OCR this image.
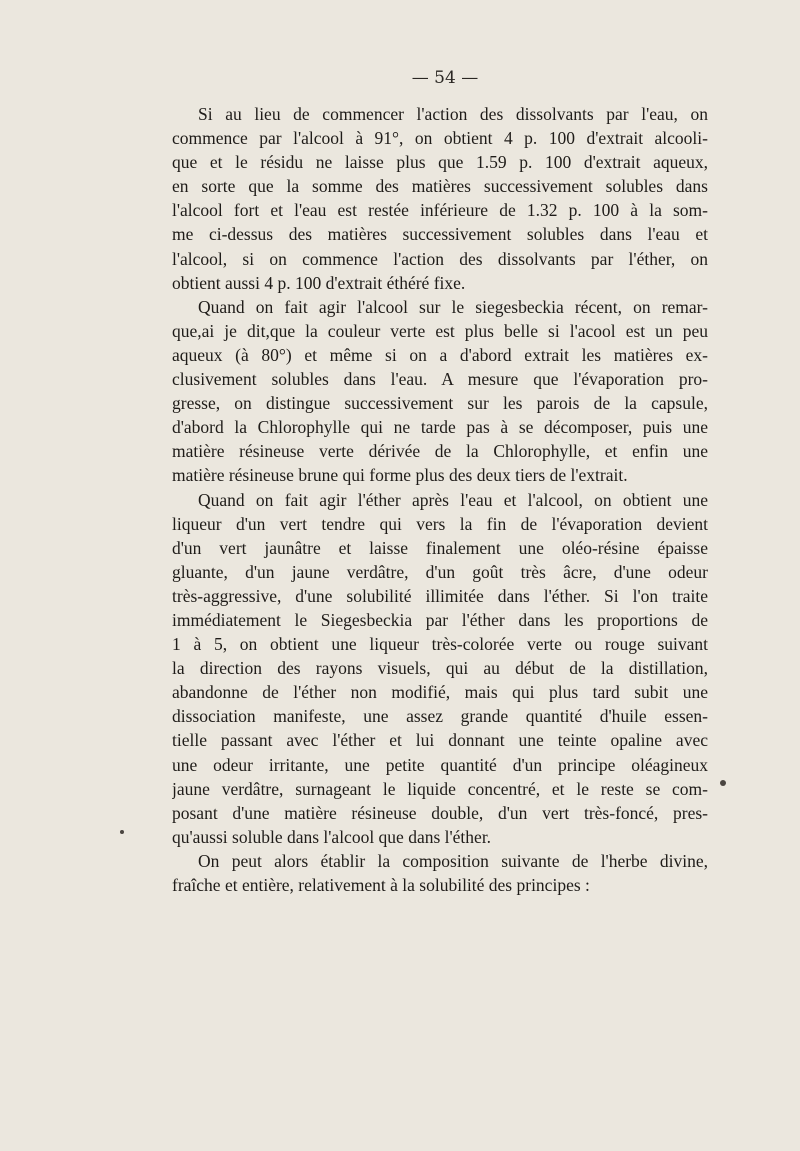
— 54 —
Si au lieu de commencer l'action des dissolvants par l'eau, on
commence par l'alcool à 91°, on obtient 4 p. 100 d'extrait alcooli-
que et le résidu ne laisse plus que 1.59 p. 100 d'extrait aqueux,
en sorte que la somme des matières successivement solubles dans
l'alcool fort et l'eau est restée inférieure de 1.32 p. 100 à la som-
me ci-dessus des matières successivement solubles dans l'eau et
l'alcool, si on commence l'action des dissolvants par l'éther, on
obtient aussi 4 p. 100 d'extrait éthéré fixe.
Quand on fait agir l'alcool sur le siegesbeckia récent, on remar-
que,ai je dit,que la couleur verte est plus belle si l'acool est un peu
aqueux (à 80°) et même si on a d'abord extrait les matières ex-
clusivement solubles dans l'eau. A mesure que l'évaporation pro-
gresse, on distingue successivement sur les parois de la capsule,
d'abord la Chlorophylle qui ne tarde pas à se décomposer, puis une
matière résineuse verte dérivée de la Chlorophylle, et enfin une
matière résineuse brune qui forme plus des deux tiers de l'extrait.
Quand on fait agir l'éther après l'eau et l'alcool, on obtient une
liqueur d'un vert tendre qui vers la fin de l'évaporation devient
d'un vert jaunâtre et laisse finalement une oléo-résine épaisse
gluante, d'un jaune verdâtre, d'un goût très âcre, d'une odeur
très-aggressive, d'une solubilité illimitée dans l'éther. Si l'on traite
immédiatement le Siegesbeckia par l'éther dans les proportions de
1 à 5, on obtient une liqueur très-colorée verte ou rouge suivant
la direction des rayons visuels, qui au début de la distillation,
abandonne de l'éther non modifié, mais qui plus tard subit une
dissociation manifeste, une assez grande quantité d'huile essen-
tielle passant avec l'éther et lui donnant une teinte opaline avec
une odeur irritante, une petite quantité d'un principe oléagineux
jaune verdâtre, surnageant le liquide concentré, et le reste se com-
posant d'une matière résineuse double, d'un vert très-foncé, pres-
qu'aussi soluble dans l'alcool que dans l'éther.
On peut alors établir la composition suivante de l'herbe divine,
fraîche et entière, relativement à la solubilité des principes :
